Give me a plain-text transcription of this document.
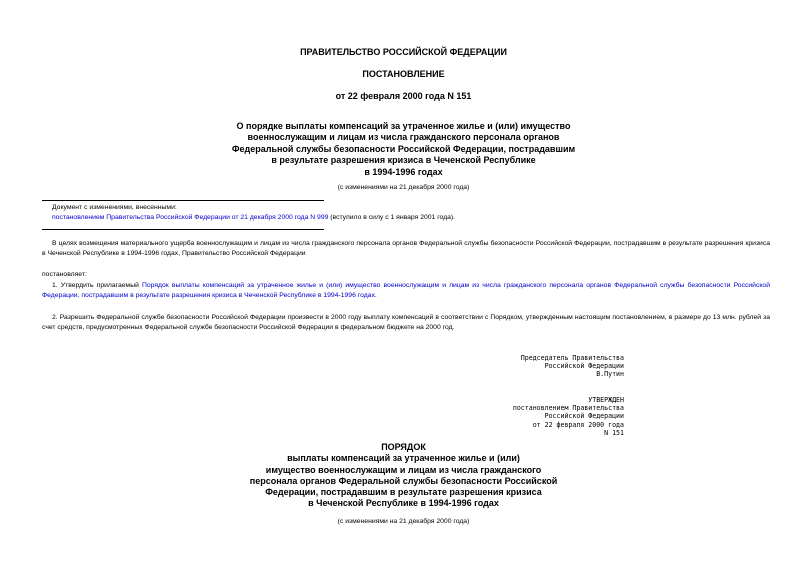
ПРАВИТЕЛЬСТВО РОССИЙСКОЙ ФЕДЕРАЦИИ
ПОСТАНОВЛЕНИЕ
от 22 февраля 2000 года N 151
О порядке выплаты компенсаций за утраченное жилье и (или) имущество
военнослужащим и лицам из числа гражданского персонала органов
Федеральной службы безопасности Российской Федерации, пострадавшим
в результате разрешения кризиса в Чеченской Республике
в 1994-1996 годах
(с изменениями на 21 декабря 2000 года)
Документ с изменениями, внесенными:
постановлением Правительства Российской Федерации от 21 декабря 2000 года N 999 (вступило в силу с 1 января 2001 года).
В целях возмещения материального ущерба военнослужащим и лицам из числа гражданского персонала органов Федеральной службы безопасности Российской Федерации, пострадавшим в результате разрешения кризиса в Чеченской Республике в 1994-1996 годах, Правительство Российской Федерации
постановляет:
1. Утвердить прилагаемый Порядок выплаты компенсаций за утраченное жилье и (или) имущество военнослужащим и лицам из числа гражданского персонала органов Федеральной службы безопасности Российской Федерации, пострадавшим в результате разрешения кризиса в Чеченской Республике в 1994-1996 годах.
2. Разрешить Федеральной службе безопасности Российской Федерации произвести в 2000 году выплату компенсаций в соответствии с Порядком, утвержденным настоящим постановлением, в размере до 13 млн. рублей за счет средств, предусмотренных Федеральной службе безопасности Российской Федерации в федеральном бюджете на 2000 год.
Председатель Правительства
Российской Федерации
В.Путин
УТВЕРЖДЕН
постановлением Правительства
Российской Федерации
от 22 февраля 2000 года
N 151
ПОРЯДОК
выплаты компенсаций за утраченное жилье и (или)
имущество военнослужащим и лицам из числа гражданского
персонала органов Федеральной службы безопасности Российской
Федерации, пострадавшим в результате разрешения кризиса
в Чеченской Республике в 1994-1996 годах
(с изменениями на 21 декабря 2000 года)
